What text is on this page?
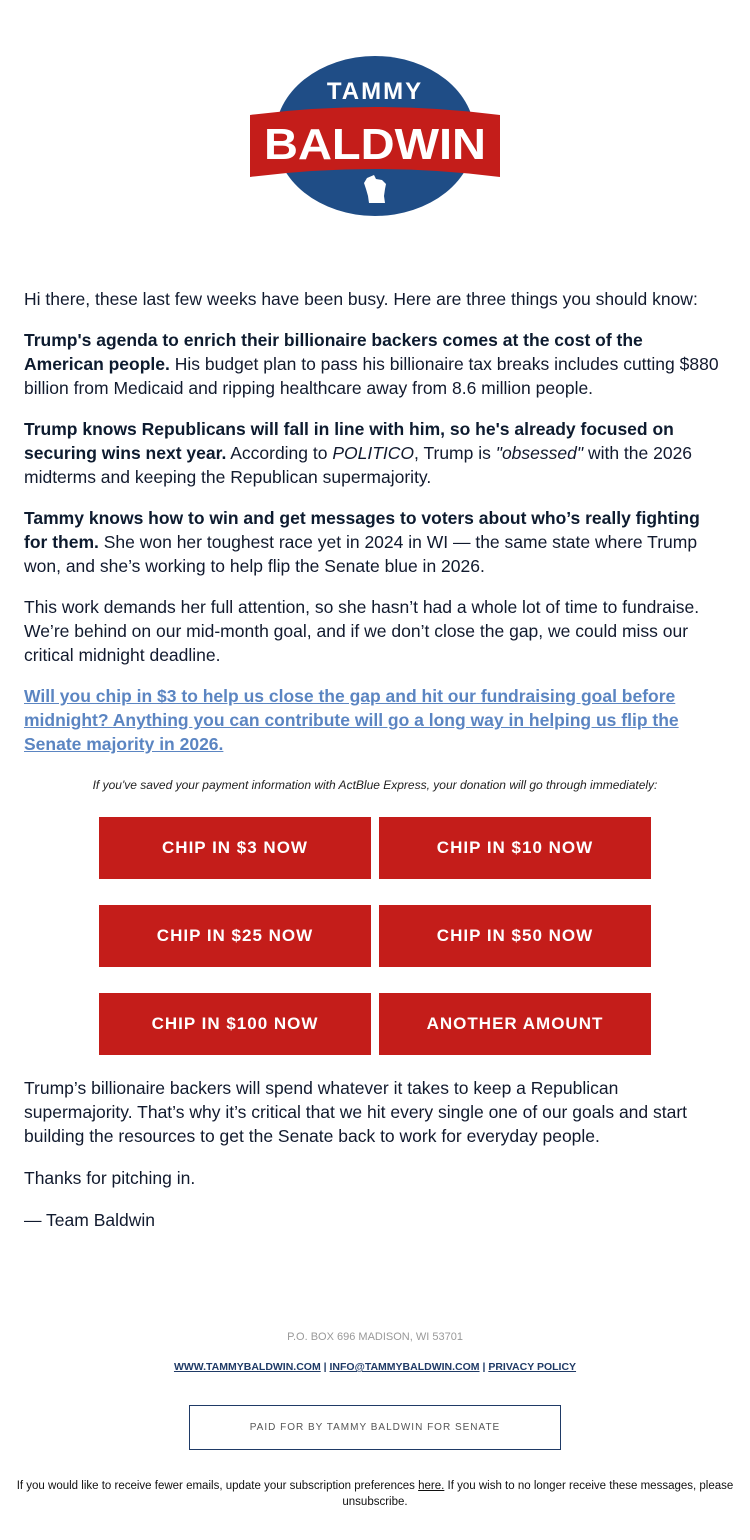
TAMMY
BALDWIN

Hi there, these last few weeks have been busy. Here are three things you should know:

Trump's agenda to enrich their billionaire backers comes at the cost of the American people. His budget plan to pass his billionaire tax breaks includes cutting $880 billion from Medicaid and ripping healthcare away from 8.6 million people.

Trump knows Republicans will fall in line with him, so he's already focused on securing wins next year. According to POLITICO, Trump is "obsessed" with the 2026 midterms and keeping the Republican supermajority.

Tammy knows how to win and get messages to voters about who’s really fighting for them. She won her toughest race yet in 2024 in WI — the same state where Trump won, and she’s working to help flip the Senate blue in 2026.

This work demands her full attention, so she hasn’t had a whole lot of time to fundraise. We’re behind on our mid-month goal, and if we don’t close the gap, we could miss our critical midnight deadline.

Will you chip in $3 to help us close the gap and hit our fundraising goal before midnight? Anything you can contribute will go a long way in helping us flip the Senate majority in 2026.

If you've saved your payment information with ActBlue Express, your donation will go through immediately:
CHIP IN $3 NOW	CHIP IN $10 NOW
CHIP IN $25 NOW	CHIP IN $50 NOW
CHIP IN $100 NOW	ANOTHER AMOUNT

Trump’s billionaire backers will spend whatever it takes to keep a Republican supermajority. That’s why it’s critical that we hit every single one of our goals and start building the resources to get the Senate back to work for everyday people.

Thanks for pitching in.

— Team Baldwin

P.O. BOX 696 MADISON, WI 53701
WWW.TAMMYBALDWIN.COM | INFO@TAMMYBALDWIN.COM | PRIVACY POLICY
PAID FOR BY TAMMY BALDWIN FOR SENATE
If you would like to receive fewer emails, update your subscription preferences here. If you wish to no longer receive these messages, please unsubscribe.
